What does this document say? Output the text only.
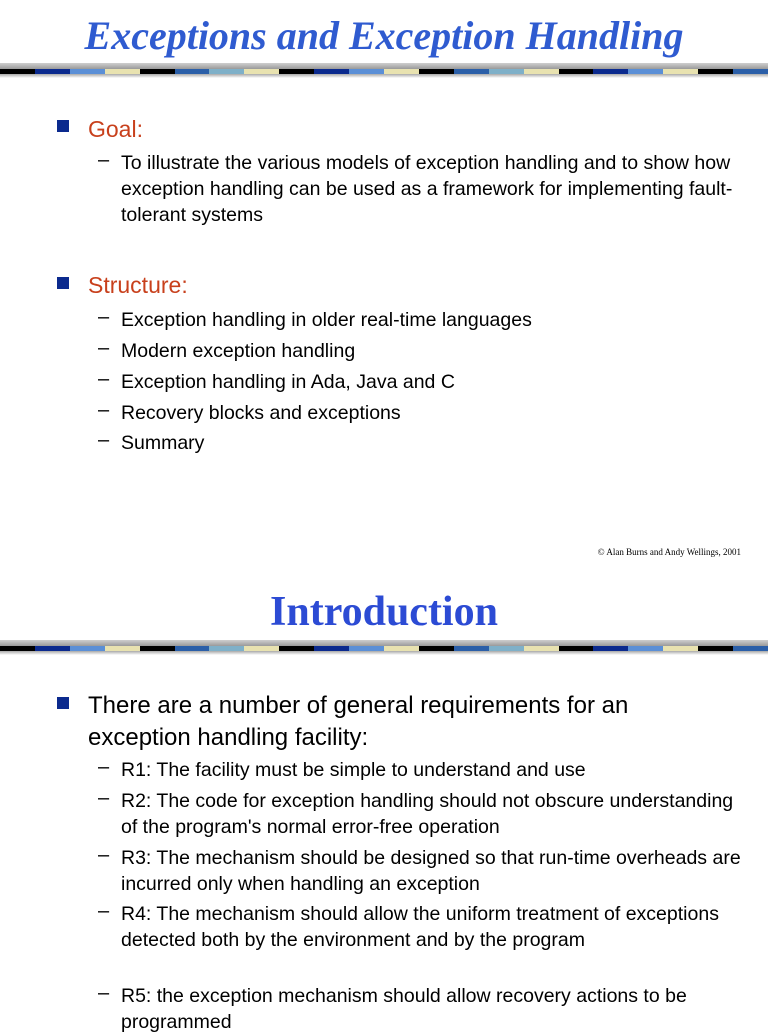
Exceptions and Exception Handling
Goal:
– To illustrate the various models of exception handling and to show how exception handling can be used as a framework for implementing fault-tolerant systems
Structure:
– Exception handling in older real-time languages
– Modern exception handling
– Exception handling in Ada, Java and C
– Recovery blocks and exceptions
– Summary
© Alan Burns and Andy Wellings, 2001
Introduction
There are a number of general requirements for an exception handling facility:
– R1: The facility must be simple to understand and use
– R2: The code for exception handling should not obscure understanding of the program's normal error-free operation
– R3: The mechanism should be designed so that run-time overheads are incurred only when handling an exception
– R4: The mechanism should allow the uniform treatment of exceptions detected both by the environment and by the program
– R5: the exception mechanism should allow recovery actions to be programmed
